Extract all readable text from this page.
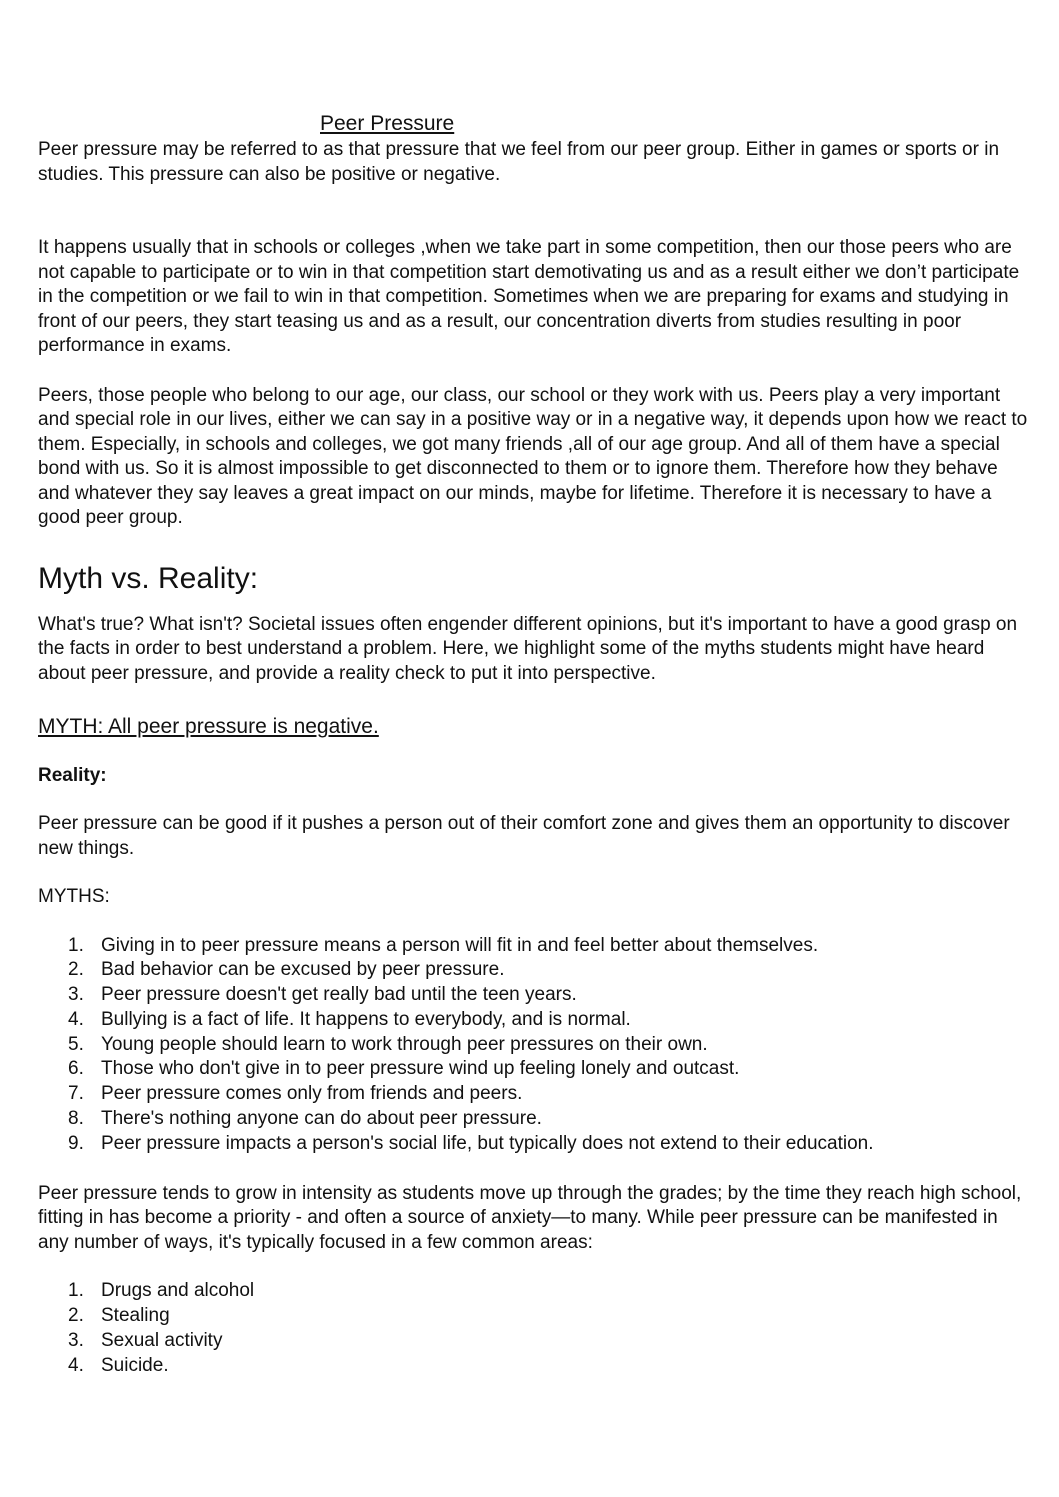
Peer Pressure

Peer pressure may be referred to as that pressure that we feel from our peer group. Either in games or sports or in studies. This pressure can also be positive or negative.

It happens usually that in schools or colleges ,when we take part in some competition, then our those peers who are not capable to participate or to win in that competition start demotivating us and as a result either we don’t participate in the competition or we fail to win in that competition. Sometimes when we are preparing for exams and studying in front of our peers, they start teasing us and as a result, our concentration diverts from studies resulting in poor performance in exams.

Peers, those people who belong to our age, our class, our school or they work with us. Peers play a very important and special role in our lives, either we can say in a positive way or in a negative way, it depends upon how we react to them. Especially, in schools and colleges, we got many friends ,all of our age group. And all of them have a special bond with us. So it is almost impossible to get disconnected to them or to ignore them. Therefore how they behave and whatever they say leaves a great impact on our minds, maybe for lifetime. Therefore it is necessary to have a good peer group.

Myth vs. Reality:

What's true? What isn't? Societal issues often engender different opinions, but it's important to have a good grasp on the facts in order to best understand a problem. Here, we highlight some of the myths students might have heard about peer pressure, and provide a reality check to put it into perspective.

MYTH: All peer pressure is negative.
Reality:

Peer pressure can be good if it pushes a person out of their comfort zone and gives them an opportunity to discover new things.

MYTHS:

1. Giving in to peer pressure means a person will fit in and feel better about themselves.
2. Bad behavior can be excused by peer pressure.
3. Peer pressure doesn't get really bad until the teen years.
4. Bullying is a fact of life. It happens to everybody, and is normal.
5. Young people should learn to work through peer pressures on their own.
6. Those who don't give in to peer pressure wind up feeling lonely and outcast.
7. Peer pressure comes only from friends and peers.
8. There's nothing anyone can do about peer pressure.
9. Peer pressure impacts a person's social life, but typically does not extend to their education.

Peer pressure tends to grow in intensity as students move up through the grades; by the time they reach high school, fitting in has become a priority - and often a source of anxiety—to many. While peer pressure can be manifested in any number of ways, it's typically focused in a few common areas:

1. Drugs and alcohol
2. Stealing
3. Sexual activity
4. Suicide.
